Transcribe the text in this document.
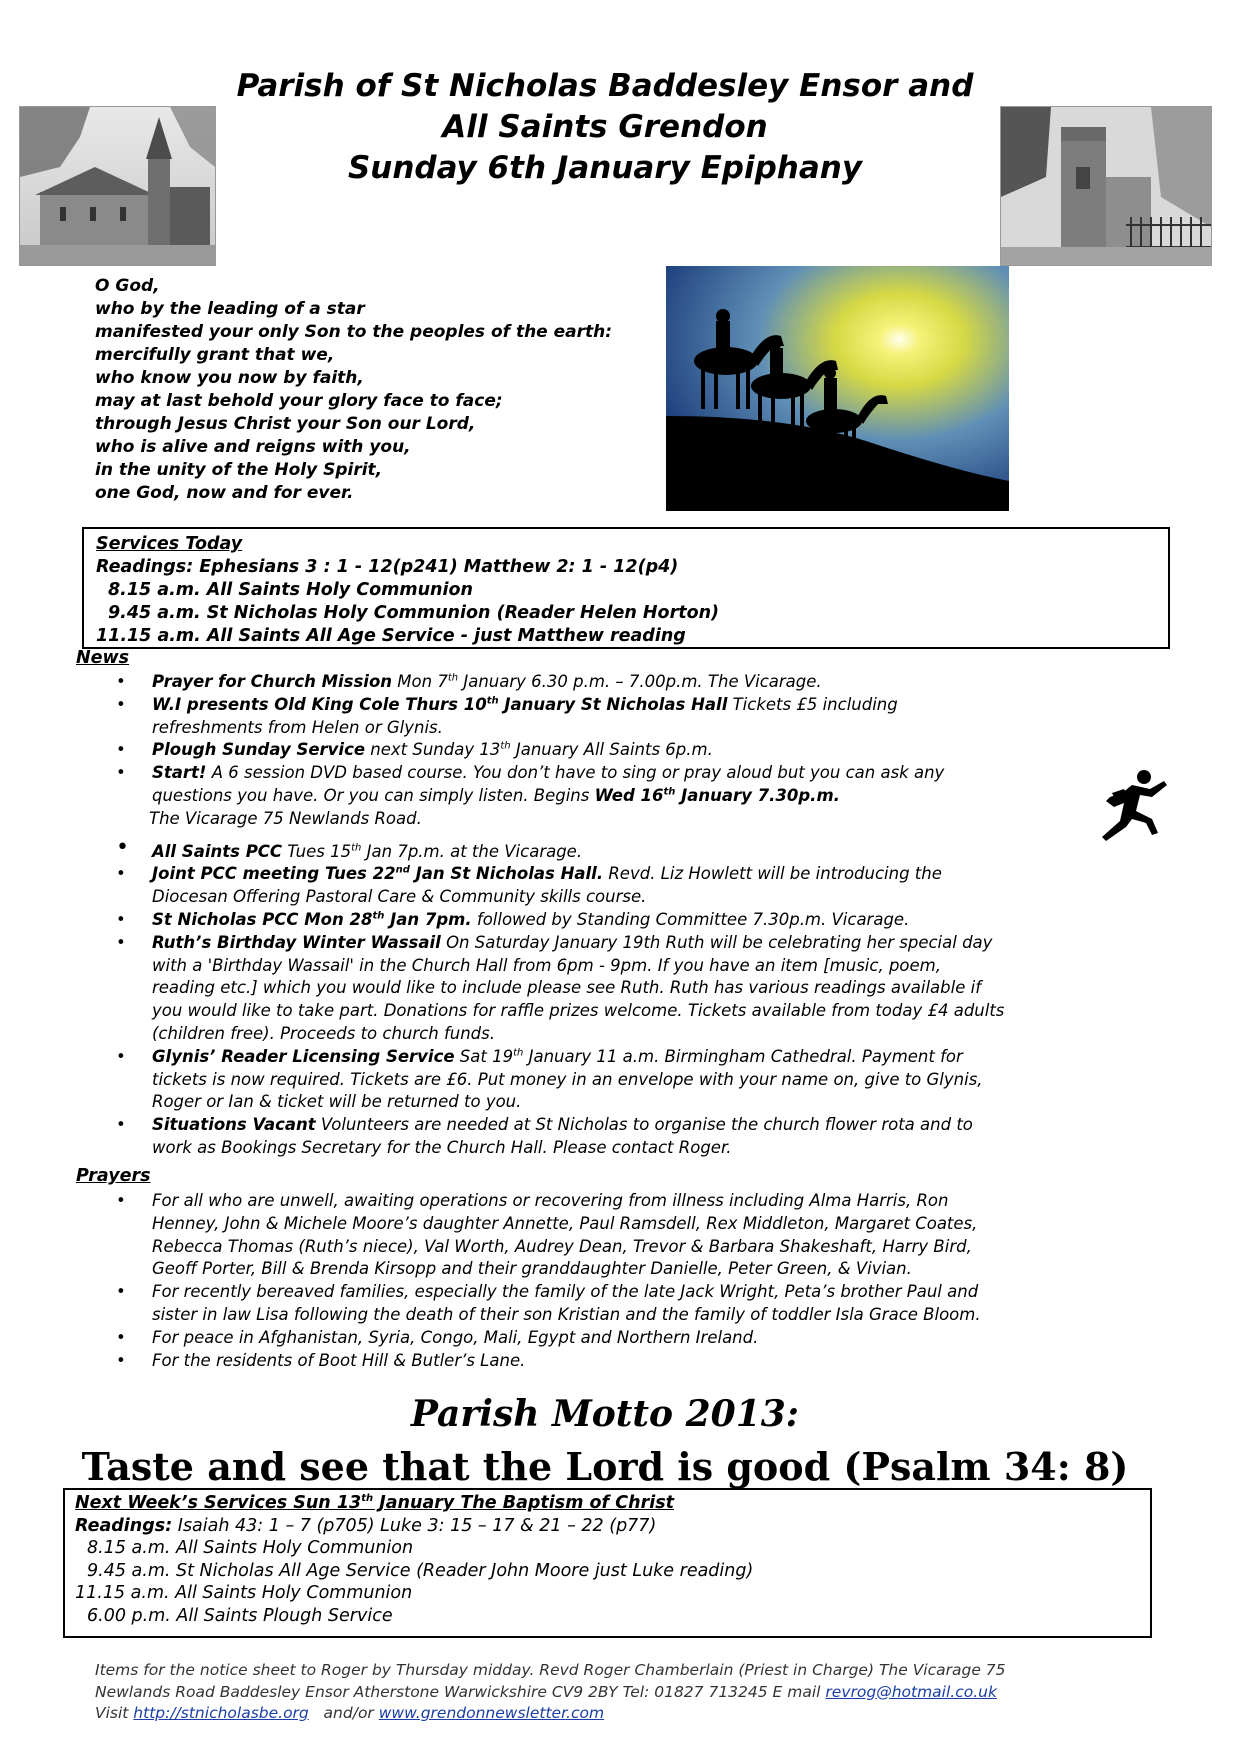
Parish of St Nicholas Baddesley Ensor and
All Saints Grendon
Sunday 6th January Epiphany
O God,
who by the leading of a star
manifested your only Son to the peoples of the earth:
mercifully grant that we,
who know you now by faith,
may at last behold your glory face to face;
through Jesus Christ your Son our Lord,
who is alive and reigns with you,
in the unity of the Holy Spirit,
one God, now and for ever.
Services Today
Readings: Ephesians 3 : 1 - 12(p241) Matthew 2: 1 - 12(p4)
8.15 a.m. All Saints Holy Communion
9.45 a.m. St Nicholas Holy Communion (Reader Helen Horton)
11.15 a.m. All Saints All Age Service - just Matthew reading
News
• Prayer for Church Mission Mon 7th January 6.30 p.m. – 7.00p.m. The Vicarage.
• W.I presents Old King Cole Thurs 10th January St Nicholas Hall Tickets £5 including
refreshments from Helen or Glynis.
• Plough Sunday Service next Sunday 13th January All Saints 6p.m.
• Start! A 6 session DVD based course. You don’t have to sing or pray aloud but you can ask any
questions you have. Or you can simply listen. Begins Wed 16th January 7.30p.m.
The Vicarage 75 Newlands Road.
• All Saints PCC Tues 15th Jan 7p.m. at the Vicarage.
• Joint PCC meeting Tues 22nd Jan St Nicholas Hall. Revd. Liz Howlett will be introducing the
Diocesan Offering Pastoral Care & Community skills course.
• St Nicholas PCC Mon 28th Jan 7pm. followed by Standing Committee 7.30p.m. Vicarage.
• Ruth’s Birthday Winter Wassail On Saturday January 19th Ruth will be celebrating her special day
with a 'Birthday Wassail' in the Church Hall from 6pm - 9pm. If you have an item [music, poem,
reading etc.] which you would like to include please see Ruth. Ruth has various readings available if
you would like to take part. Donations for raffle prizes welcome. Tickets available from today £4 adults
(children free). Proceeds to church funds.
• Glynis’ Reader Licensing Service Sat 19th January 11 a.m. Birmingham Cathedral. Payment for
tickets is now required. Tickets are £6. Put money in an envelope with your name on, give to Glynis,
Roger or Ian & ticket will be returned to you.
• Situations Vacant Volunteers are needed at St Nicholas to organise the church flower rota and to
work as Bookings Secretary for the Church Hall. Please contact Roger.
Prayers
• For all who are unwell, awaiting operations or recovering from illness including Alma Harris, Ron
Henney, John & Michele Moore’s daughter Annette, Paul Ramsdell, Rex Middleton, Margaret Coates,
Rebecca Thomas (Ruth’s niece), Val Worth, Audrey Dean, Trevor & Barbara Shakeshaft, Harry Bird,
Geoff Porter, Bill & Brenda Kirsopp and their granddaughter Danielle, Peter Green, & Vivian.
• For recently bereaved families, especially the family of the late Jack Wright, Peta’s brother Paul and
sister in law Lisa following the death of their son Kristian and the family of toddler Isla Grace Bloom.
• For peace in Afghanistan, Syria, Congo, Mali, Egypt and Northern Ireland.
• For the residents of Boot Hill & Butler’s Lane.
Parish Motto 2013:
Taste and see that the Lord is good (Psalm 34: 8)
Next Week’s Services Sun 13th January The Baptism of Christ
Readings: Isaiah 43: 1 – 7 (p705) Luke 3: 15 – 17 & 21 – 22 (p77)
8.15 a.m. All Saints Holy Communion
9.45 a.m. St Nicholas All Age Service (Reader John Moore just Luke reading)
11.15 a.m. All Saints Holy Communion
6.00 p.m. All Saints Plough Service
Items for the notice sheet to Roger by Thursday midday. Revd Roger Chamberlain (Priest in Charge) The Vicarage 75
Newlands Road Baddesley Ensor Atherstone Warwickshire CV9 2BY Tel: 01827 713245 E mail revrog@hotmail.co.uk
Visit http://stnicholasbe.org   and/or www.grendonnewsletter.com
